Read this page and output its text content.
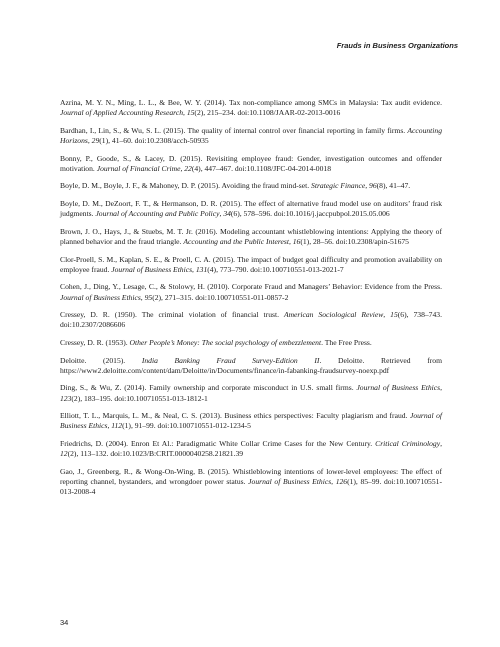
Frauds in Business Organizations

Azrina, M. Y. N., Ming, L. L., & Bee, W. Y. (2014). Tax non-compliance among SMCs in Malaysia: Tax audit evidence. Journal of Applied Accounting Research, 15(2), 215–234. doi:10.1108/JAAR-02-2013-0016

Bardhan, I., Lin, S., & Wu, S. L. (2015). The quality of internal control over financial reporting in family firms. Accounting Horizons, 29(1), 41–60. doi:10.2308/acch-50935

Bonny, P., Goode, S., & Lacey, D. (2015). Revisiting employee fraud: Gender, investigation outcomes and offender motivation. Journal of Financial Crime, 22(4), 447–467. doi:10.1108/JFC-04-2014-0018

Boyle, D. M., Boyle, J. F., & Mahoney, D. P. (2015). Avoiding the fraud mind-set. Strategic Finance, 96(8), 41–47.

Boyle, D. M., DeZoort, F. T., & Hermanson, D. R. (2015). The effect of alternative fraud model use on auditors’ fraud risk judgments. Journal of Accounting and Public Policy, 34(6), 578–596. doi:10.1016/j.jaccpubpol.2015.05.006

Brown, J. O., Hays, J., & Stuebs, M. T. Jr. (2016). Modeling accountant whistleblowing intentions: Applying the theory of planned behavior and the fraud triangle. Accounting and the Public Interest, 16(1), 28–56. doi:10.2308/apin-51675

Clor-Proell, S. M., Kaplan, S. E., & Proell, C. A. (2015). The impact of budget goal difficulty and promotion availability on employee fraud. Journal of Business Ethics, 131(4), 773–790. doi:10.100710551-013-2021-7

Cohen, J., Ding, Y., Lesage, C., & Stolowy, H. (2010). Corporate Fraud and Managers’ Behavior: Evidence from the Press. Journal of Business Ethics, 95(2), 271–315. doi:10.100710551-011-0857-2

Cressey, D. R. (1950). The criminal violation of financial trust. American Sociological Review, 15(6), 738–743. doi:10.2307/2086606

Cressey, D. R. (1953). Other People’s Money: The social psychology of embezzlement. The Free Press.

Deloitte. (2015). India Banking Fraud Survey-Edition II. Deloitte. Retrieved from https://www2.deloitte.com/content/dam/Deloitte/in/Documents/finance/in-fabanking-fraudsurvey-noexp.pdf

Ding, S., & Wu, Z. (2014). Family ownership and corporate misconduct in U.S. small firms. Journal of Business Ethics, 123(2), 183–195. doi:10.100710551-013-1812-1

Elliott, T. L., Marquis, L. M., & Neal, C. S. (2013). Business ethics perspectives: Faculty plagiarism and fraud. Journal of Business Ethics, 112(1), 91–99. doi:10.100710551-012-1234-5

Friedrichs, D. (2004). Enron Et Al.: Paradigmatic White Collar Crime Cases for the New Century. Critical Criminology, 12(2), 113–132. doi:10.1023/B:CRIT.0000040258.21821.39

Gao, J., Greenberg, R., & Wong-On-Wing, B. (2015). Whistleblowing intentions of lower-level employees: The effect of reporting channel, bystanders, and wrongdoer power status. Journal of Business Ethics, 126(1), 85–99. doi:10.100710551-013-2008-4

34
